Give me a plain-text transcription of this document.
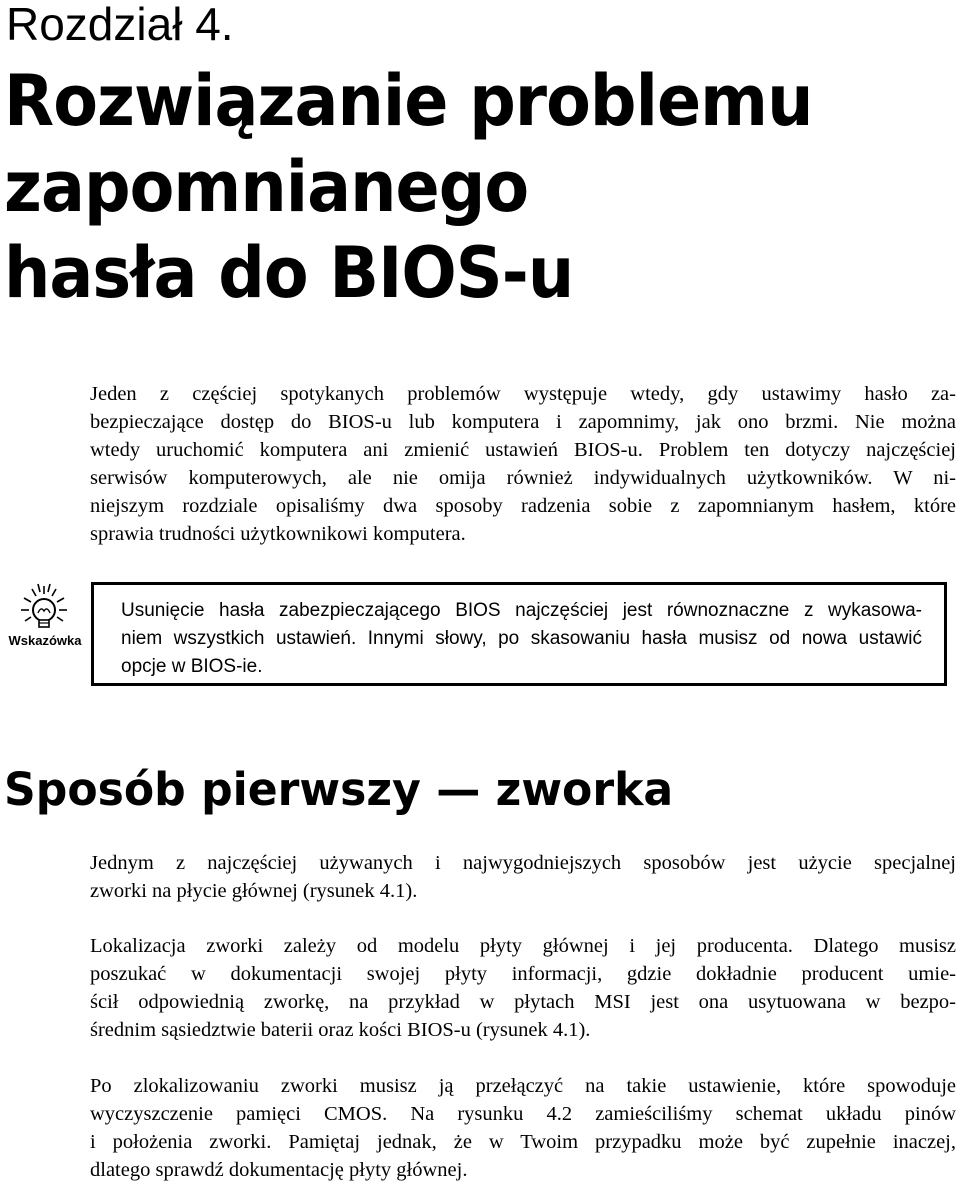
Rozdział 4.
Rozwiązanie problemu
zapomnianego
hasła do BIOS-u

Jeden z częściej spotykanych problemów występuje wtedy, gdy ustawimy hasło za-
bezpieczające dostęp do BIOS-u lub komputera i zapomnimy, jak ono brzmi. Nie można
wtedy uruchomić komputera ani zmienić ustawień BIOS-u. Problem ten dotyczy najczęściej
serwisów komputerowych, ale nie omija również indywidualnych użytkowników. W ni-
niejszym rozdziale opisaliśmy dwa sposoby radzenia sobie z zapomnianym hasłem, które
sprawia trudności użytkownikowi komputera.

Wskazówka
Usunięcie hasła zabezpieczającego BIOS najczęściej jest równoznaczne z wykasowa-
niem wszystkich ustawień. Innymi słowy, po skasowaniu hasła musisz od nowa ustawić
opcje w BIOS-ie.
Sposób pierwszy — zworka

Jednym z najczęściej używanych i najwygodniejszych sposobów jest użycie specjalnej
zworki na płycie głównej (rysunek 4.1).

Lokalizacja zworki zależy od modelu płyty głównej i jej producenta. Dlatego musisz
poszukać w dokumentacji swojej płyty informacji, gdzie dokładnie producent umie-
ścił odpowiednią zworkę, na przykład w płytach MSI jest ona usytuowana w bezpo-
średnim sąsiedztwie baterii oraz kości BIOS-u (rysunek 4.1).

Po zlokalizowaniu zworki musisz ją przełączyć na takie ustawienie, które spowoduje
wyczyszczenie pamięci CMOS. Na rysunku 4.2 zamieściliśmy schemat układu pinów
i położenia zworki. Pamiętaj jednak, że w Twoim przypadku może być zupełnie inaczej,
dlatego sprawdź dokumentację płyty głównej.
